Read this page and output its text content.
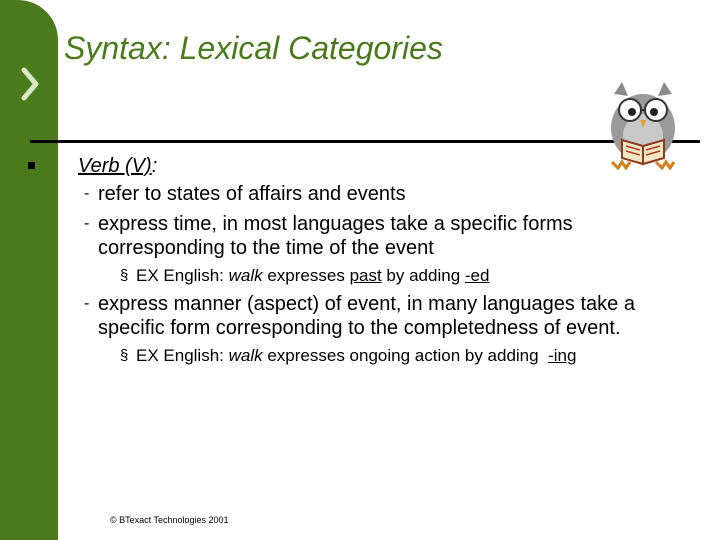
Syntax: Lexical Categories
Verb (V):
- refer to states of affairs and events
- express time, in most languages take a specific forms
corresponding to the time of the event
§ EX English: walk expresses past by adding -ed
- express manner (aspect) of event, in many languages take a
specific form corresponding to the completedness of event.
§ EX English: walk expresses ongoing action by adding  -ing
© BTexact Technologies 2001
